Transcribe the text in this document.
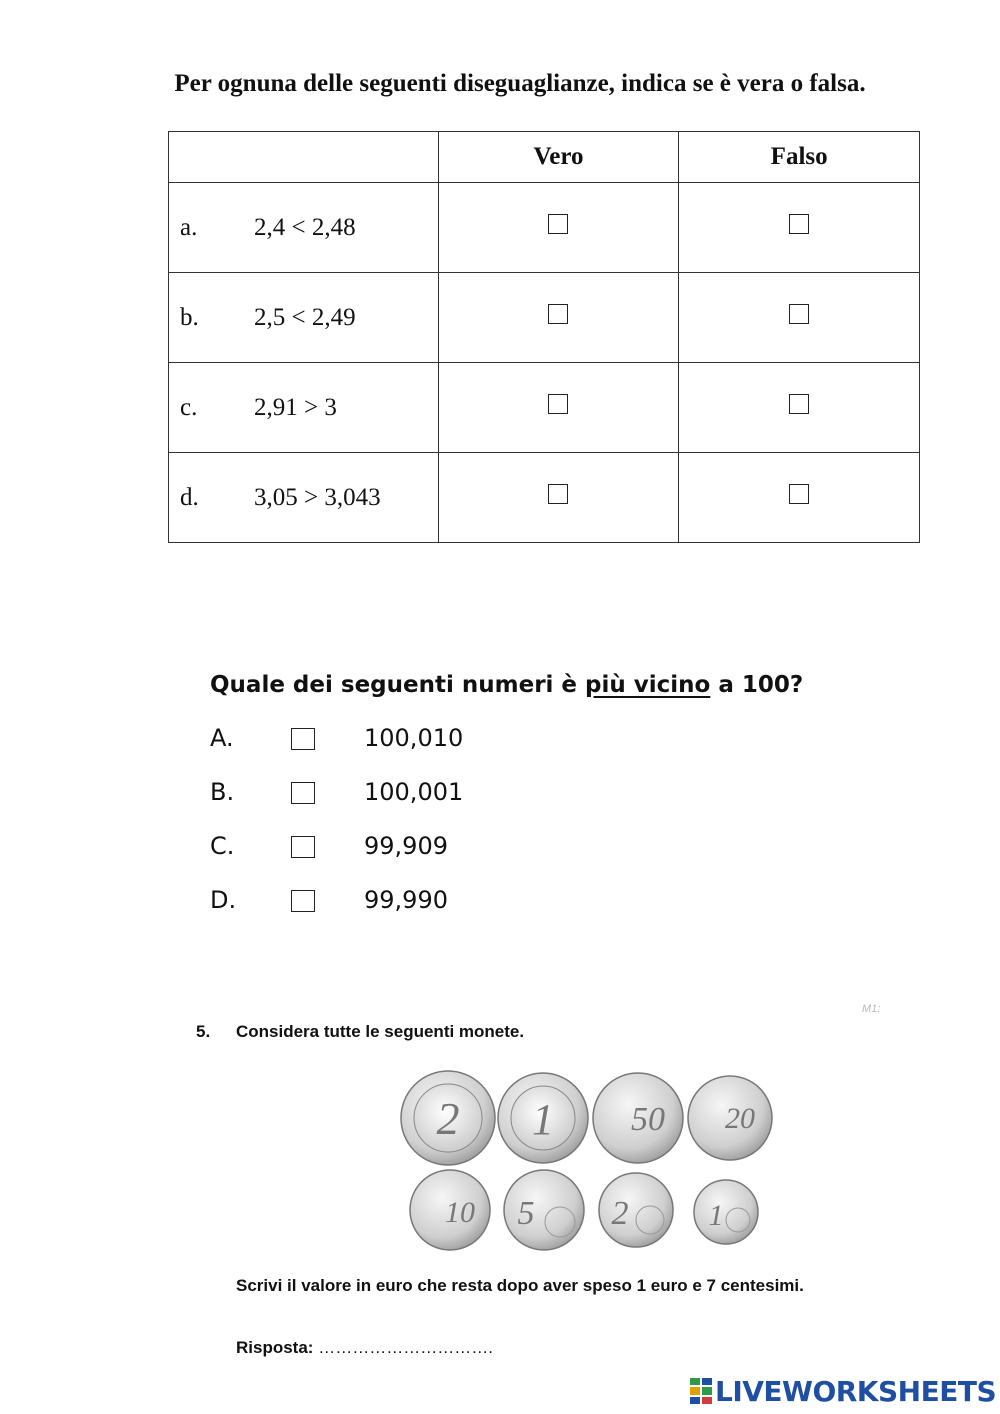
Per ognuna delle seguenti diseguaglianze, indica se è vera o falsa.
	Vero	Falso
a. 2,4 < 2,48		
b. 2,5 < 2,49		
c. 2,91 > 3		
d. 3,05 > 3,043		
Quale dei seguenti numeri è più vicino a 100?
A.	100,010
B.	100,001
C.	99,909
D.	99,990
M1:
5. Considera tutte le seguenti monete.
2 1 50 20
10 5 2	1
Scrivi il valore in euro che resta dopo aver speso 1 euro e 7 centesimi.
Risposta: ………………………….
LIVEWORKSHEETS
